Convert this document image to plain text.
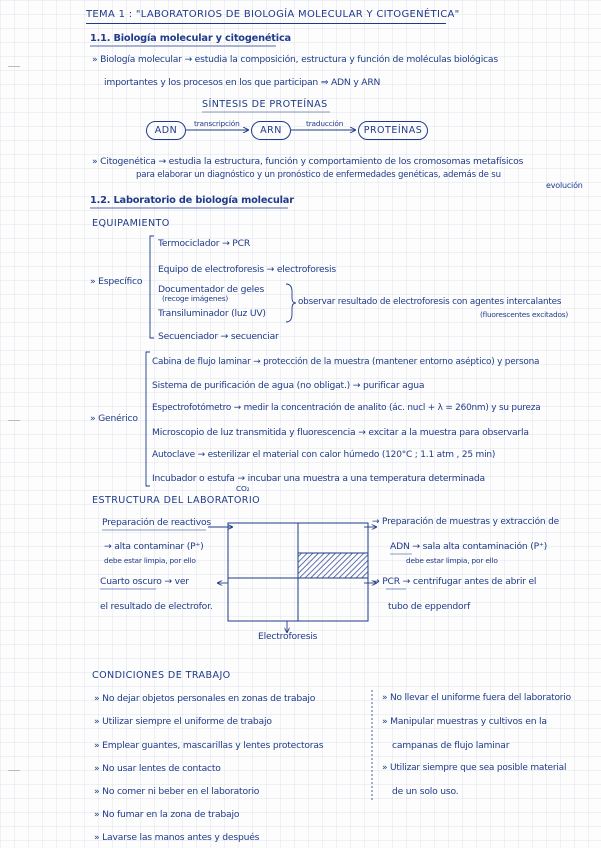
TEMA 1 : "LABORATORIOS DE BIOLOGÍA MOLECULAR Y CITOGENÉTICA"
1.1. Biología molecular y citogenética
» Biología molecular → estudia la composición, estructura y función de moléculas biológicas
importantes y los procesos en los que participan ⇒ ADN y ARN
SÍNTESIS DE PROTEÍNAS
ADN
transcripción
ARN
traducción
PROTEÍNAS
» Citogenética → estudia la estructura, función y comportamiento de los cromosomas metafísicos
para elaborar un diagnóstico y un pronóstico de enfermedades genéticas, además de su
evolución
1.2. Laboratorio de biología molecular
EQUIPAMIENTO
» Específico
Termociclador → PCR
Equipo de electroforesis → electroforesis
Documentador de geles
(recoge imágenes)
Transiluminador (luz UV)
Secuenciador → secuenciar
observar resultado de electroforesis con agentes intercalantes
(fluorescentes excitados)
» Genérico
Cabina de flujo laminar → protección de la muestra (mantener entorno aséptico) y persona
Sistema de purificación de agua (no obligat.) → purificar agua
Espectrofotómetro → medir la concentración de analito (ác. nucl + λ = 260nm) y su pureza
Microscopio de luz transmitida y fluorescencia → excitar a la muestra para observarla
Autoclave → esterilizar el material con calor húmedo (120°C ; 1.1 atm , 25 min)
Incubador o estufa → incubar una muestra a una temperatura determinada
CO₂
ESTRUCTURA DEL LABORATORIO
Preparación de reactivos
→ alta contaminar (P⁺)
debe estar limpia, por ello
Cuarto oscuro → ver
el resultado de electrofor.
→ Preparación de muestras y extracción de
ADN → sala alta contaminación (P⁺)
debe estar limpia, por ello
→ PCR → centrifugar antes de abrir el
tubo de eppendorf
Electroforesis
CONDICIONES DE TRABAJO
» No dejar objetos personales en zonas de trabajo
» Utilizar siempre el uniforme de trabajo
» Emplear guantes, mascarillas y lentes protectoras
» No usar lentes de contacto
» No comer ni beber en el laboratorio
» No fumar en la zona de trabajo
» Lavarse las manos antes y después
» No llevar el uniforme fuera del laboratorio
» Manipular muestras y cultivos en la
campanas de flujo laminar
» Utilizar siempre que sea posible material
de un solo uso.
